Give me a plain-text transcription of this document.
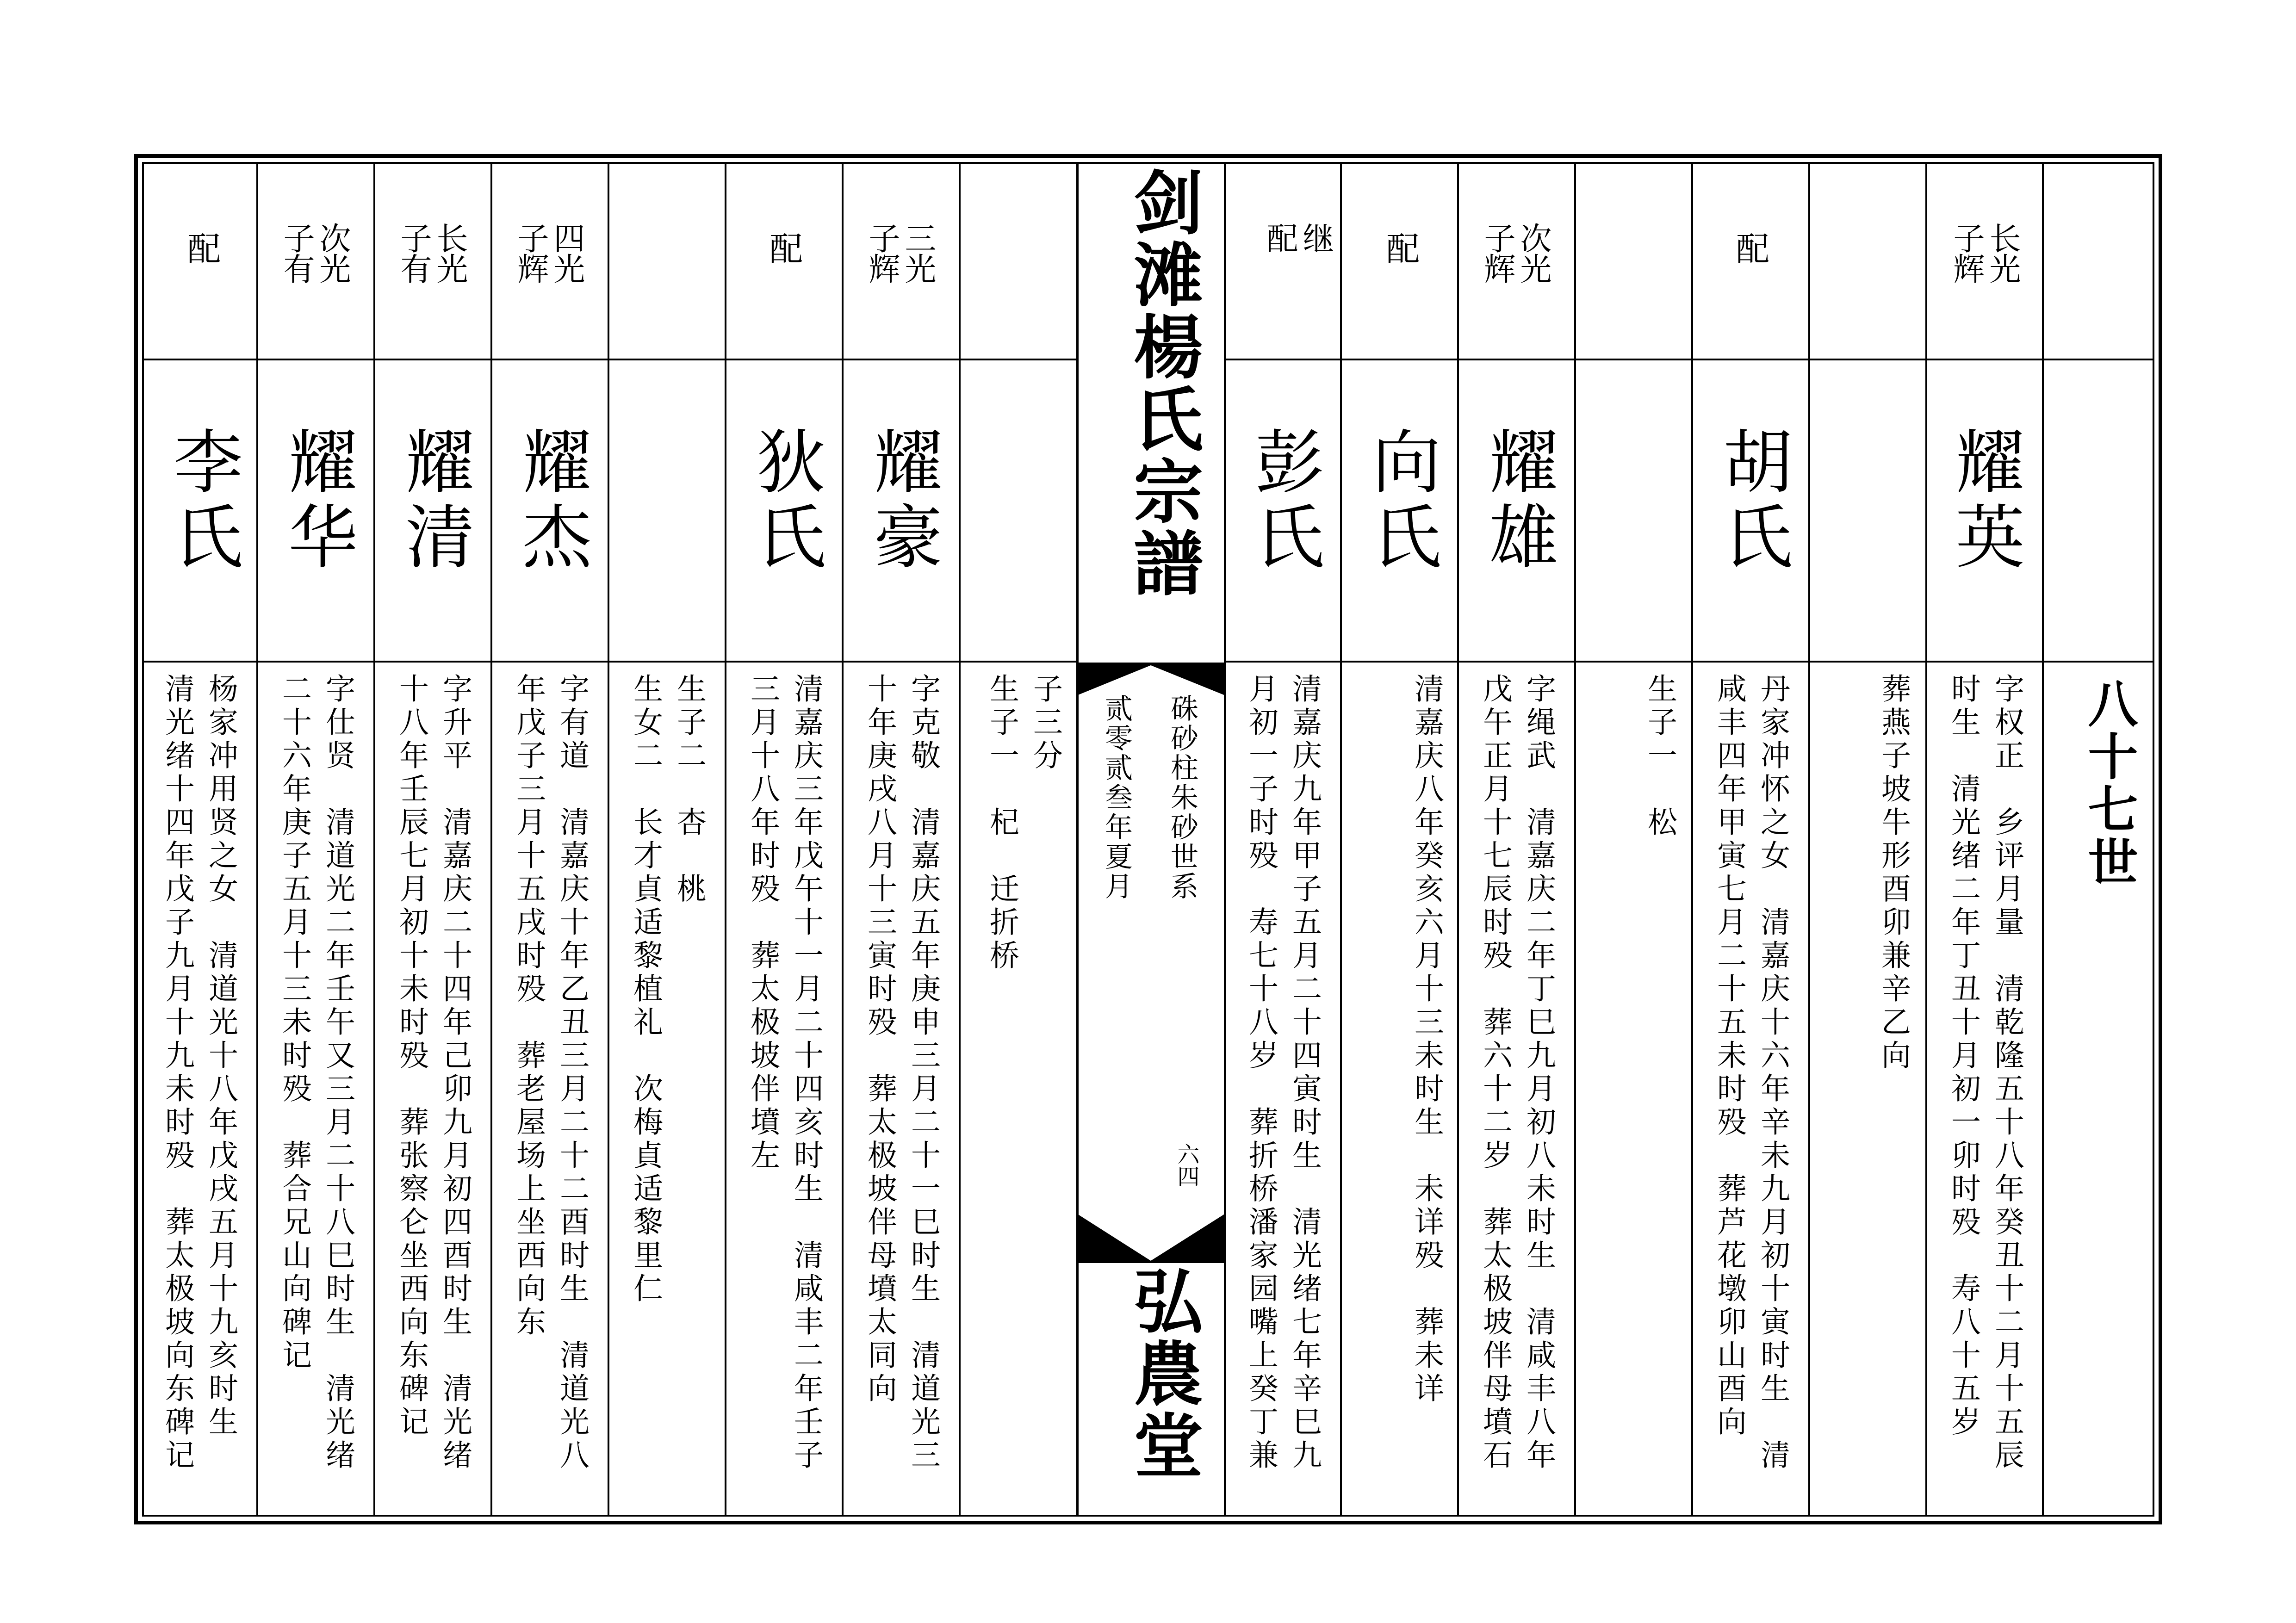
八十七世
长光
子辉
耀英
字权正　乡评月量　清乾隆五十八年癸丑十二月十五辰
时生　清光绪二年丁丑十月初一卯时殁　寿八十五岁
葬燕子坡牛形酉卯兼辛乙向
配
胡氏
丹家冲怀之女　清嘉庆十六年辛未九月初十寅时生　清
咸丰四年甲寅七月二十五未时殁　葬芦花墩卯山酉向
生子一　松
次光
子辉
耀雄
字绳武　清嘉庆二年丁巳九月初八未时生　清咸丰八年
戊午正月十七辰时殁　葬六十二岁　葬太极坡伴母墳石
配
向氏
清嘉庆八年癸亥六月十三未时生　未详殁　葬未详
继
配
彭氏
清嘉庆九年甲子五月二十四寅时生　清光绪七年辛巳九
月初一子时殁　寿七十八岁　葬折桥潘家园嘴上癸丁兼
剑滩楊氏宗譜
硃砂柱朱砂世系
贰零贰叁年夏月
六四
弘農堂
子三分
生子一　杞　迁折桥
三光
子辉
耀豪
字克敬　清嘉庆五年庚申三月二十一巳时生　清道光三
十年庚戌八月十三寅时殁　葬太极坡伴母墳太同向
配
狄氏
清嘉庆三年戊午十一月二十四亥时生　清咸丰二年壬子
三月十八年时殁　葬太极坡伴墳左
生子二　杏　桃
生女二　长才貞适黎植礼　次梅貞适黎里仁
四光
子辉
耀杰
字有道　清嘉庆十年乙丑三月二十二酉时生　清道光八
年戊子三月十五戌时殁　葬老屋场上坐西向东
长光
子有
耀清
字升平　清嘉庆二十四年己卯九月初四酉时生　清光绪
十八年壬辰七月初十未时殁　葬张察仑坐西向东碑记
次光
子有
耀华
字仕贤　清道光二年壬午又三月二十八巳时生　清光绪
二十六年庚子五月十三未时殁　葬合兄山向碑记
配
李氏
杨家冲用贤之女　清道光十八年戊戌五月十九亥时生
清光绪十四年戊子九月十九未时殁　葬太极坡向东碑记
